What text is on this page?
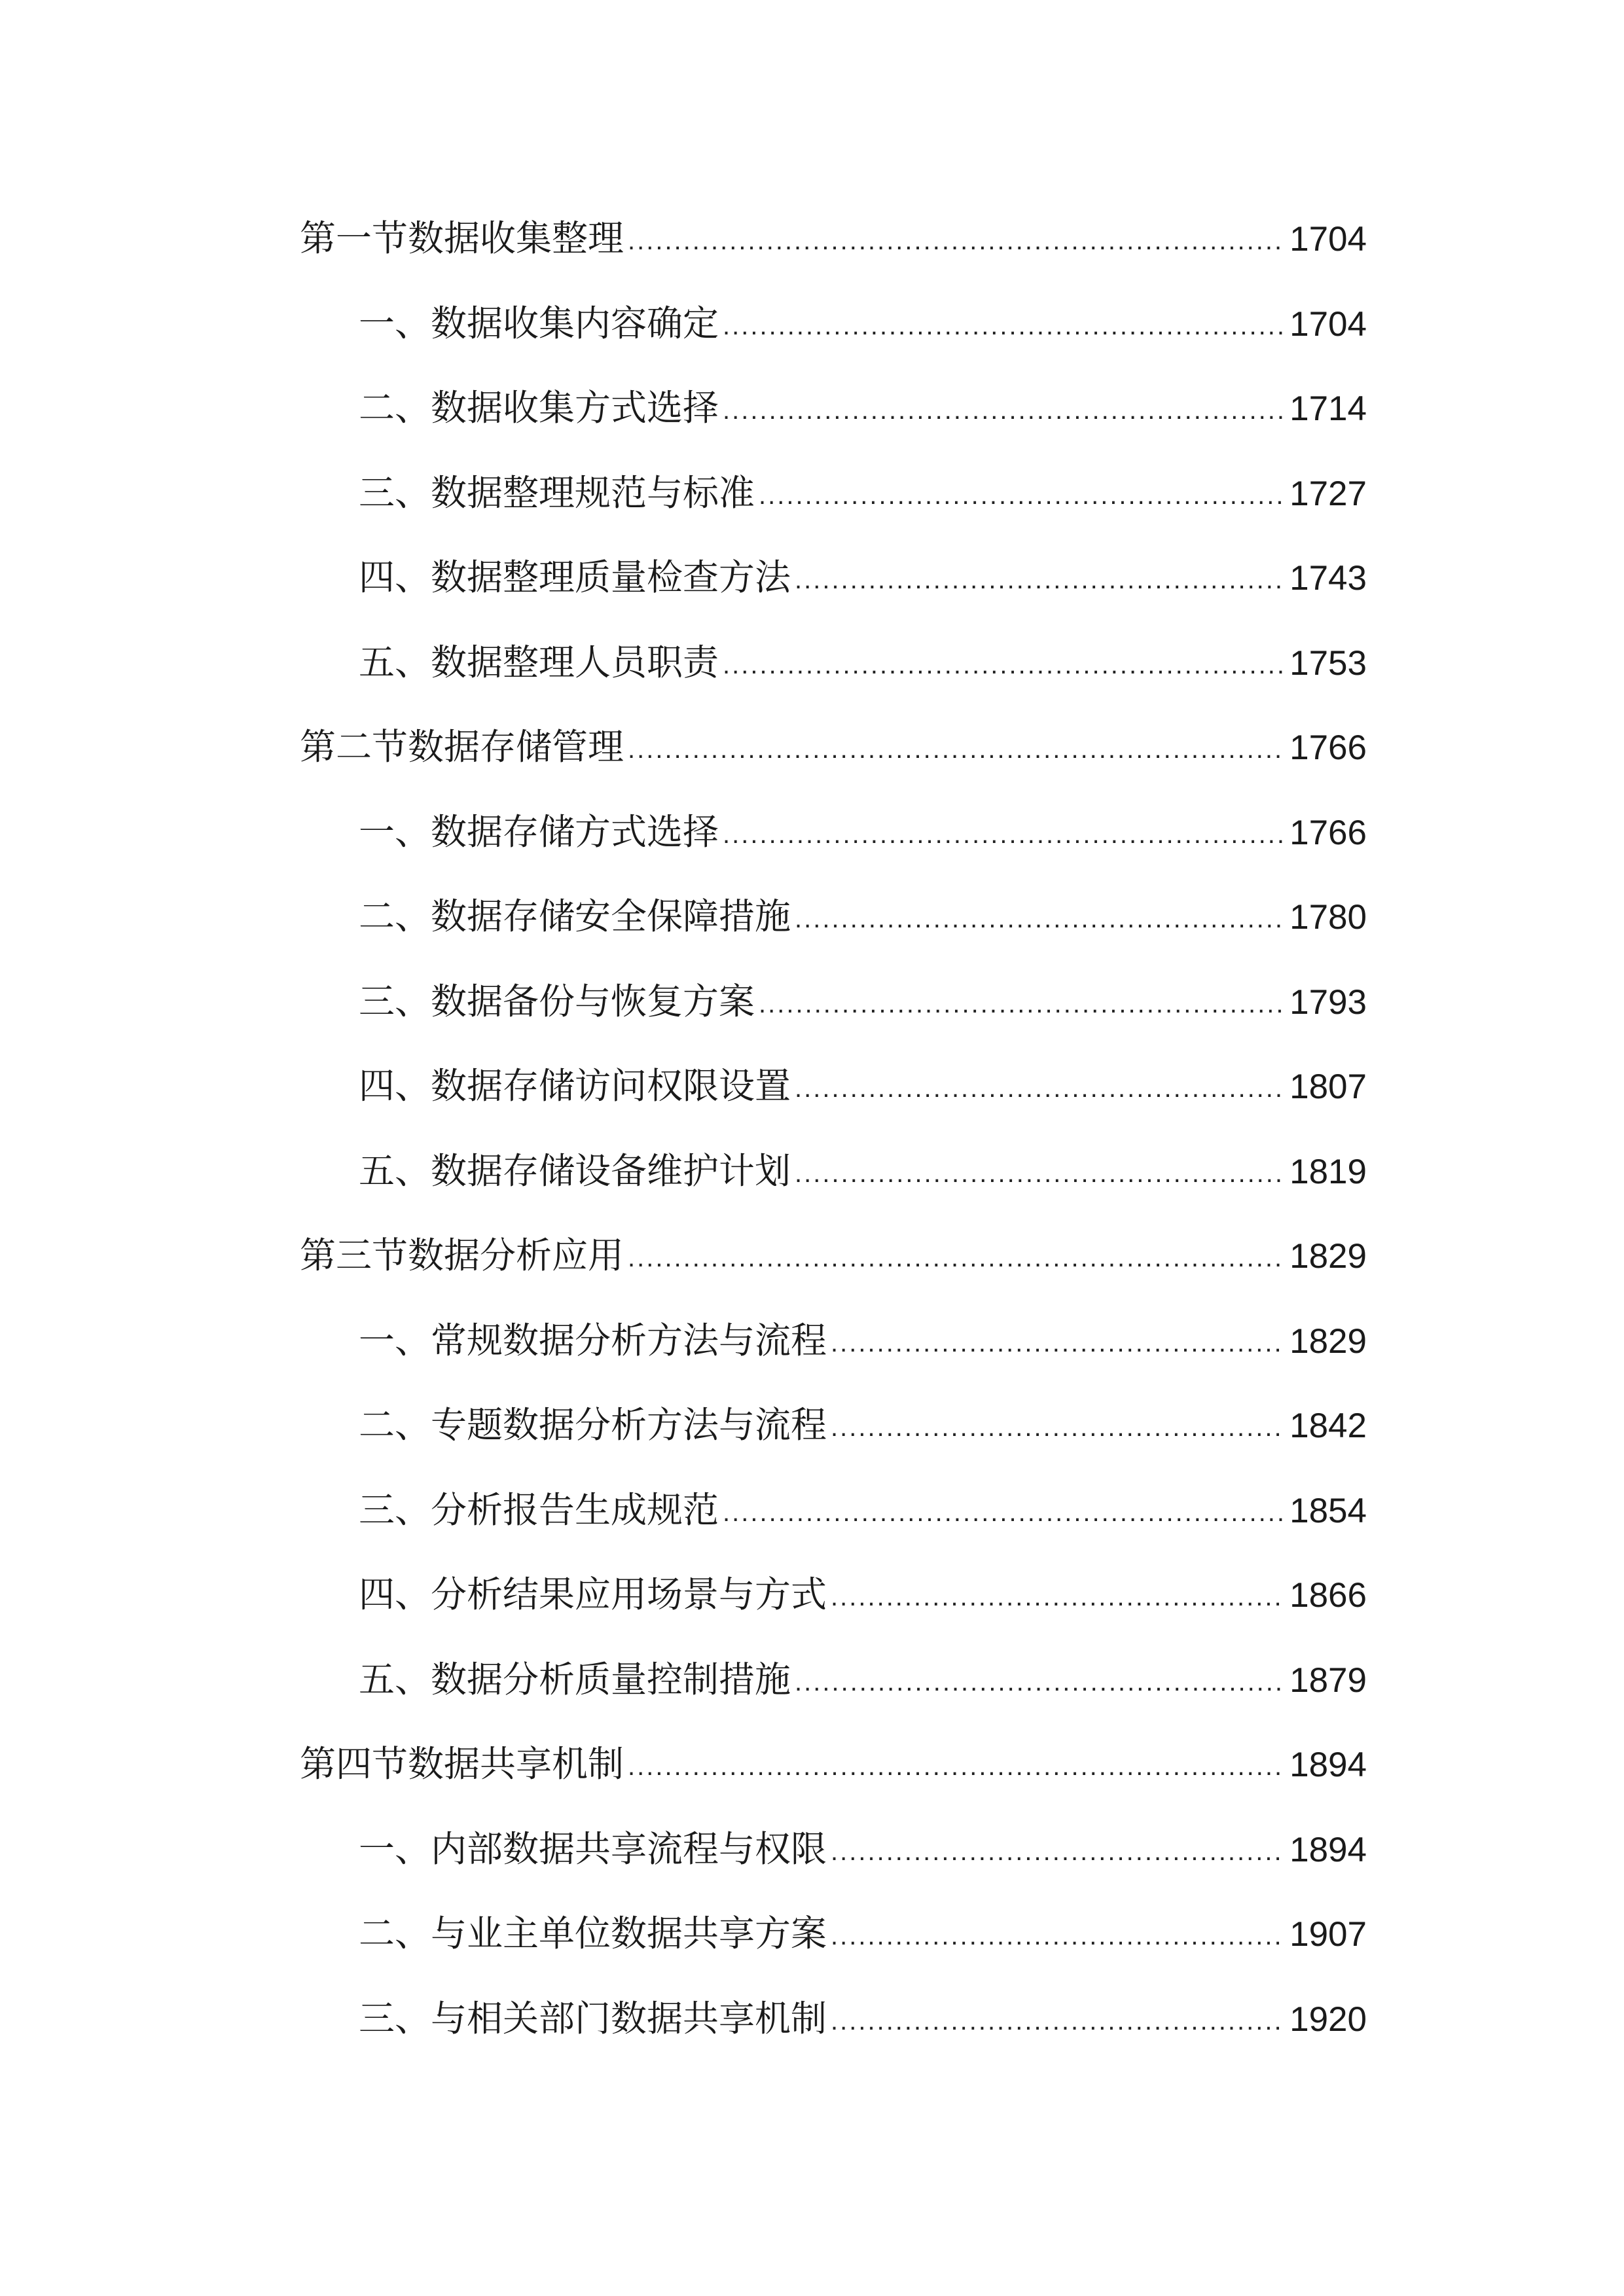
第一节数据收集整理 .....	1704
一、数据收集内容确定 .....	1704
二、数据收集方式选择 .....	1714
三、数据整理规范与标准 .....	1727
四、数据整理质量检查方法 .....	1743
五、数据整理人员职责 .....	1753
第二节数据存储管理 .....	1766
一、数据存储方式选择 .....	1766
二、数据存储安全保障措施 .....	1780
三、数据备份与恢复方案 .....	1793
四、数据存储访问权限设置 .....	1807
五、数据存储设备维护计划 .....	1819
第三节数据分析应用 .....	1829
一、常规数据分析方法与流程 .....	1829
二、专题数据分析方法与流程 .....	1842
三、分析报告生成规范 .....	1854
四、分析结果应用场景与方式 .....	1866
五、数据分析质量控制措施 .....	1879
第四节数据共享机制 .....	1894
一、内部数据共享流程与权限 .....	1894
二、与业主单位数据共享方案 .....	1907
三、与相关部门数据共享机制 .....	1920
